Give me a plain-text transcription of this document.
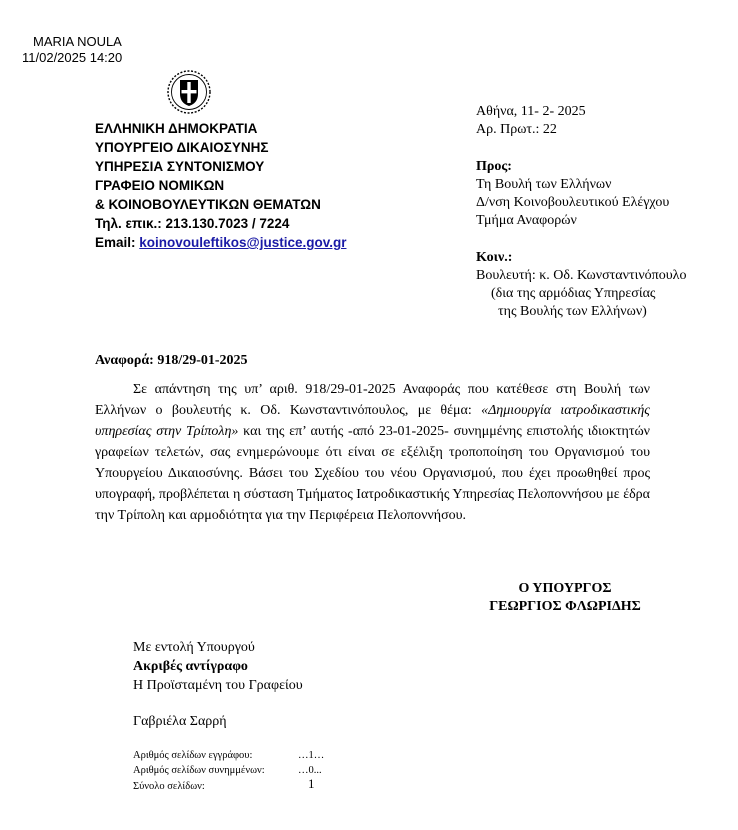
MARIA NOULA
11/02/2025 14:20
ΕΛΛΗΝΙΚΗ ΔΗΜΟΚΡΑΤΙΑ
ΥΠΟΥΡΓΕΙΟ ΔΙΚΑΙΟΣΥΝΗΣ
ΥΠΗΡΕΣΙΑ ΣΥΝΤΟΝΙΣΜΟΥ
ΓΡΑΦΕΙΟ ΝΟΜΙΚΩΝ
& ΚΟΙΝΟΒΟΥΛΕΥΤΙΚΩΝ ΘΕΜΑΤΩΝ
Τηλ. επικ.: 213.130.7023 / 7224
Email: koinovouleftikos@justice.gov.gr
Αθήνα, 11- 2- 2025
Αρ. Πρωτ.: 22
Προς:
Τη Βουλή των Ελλήνων
Δ/νση Κοινοβουλευτικού Ελέγχου
Τμήμα Αναφορών
Κοιν.:
Βουλευτή: κ. Οδ. Κωνσταντινόπουλο
(δια της αρμόδιας Υπηρεσίας
της Βουλής των Ελλήνων)
Αναφορά: 918/29-01-2025
Σε απάντηση της υπ’ αριθ. 918/29-01-2025 Αναφοράς που κατέθεσε στη Βουλή των Ελλήνων ο βουλευτής κ. Οδ. Κωνσταντινόπουλος, με θέμα: «Δημιουργία ιατροδικαστικής υπηρεσίας στην Τρίπολη» και της επ’ αυτής -από 23-01-2025- συνημμένης επιστολής ιδιοκτητών γραφείων τελετών, σας ενημερώνουμε ότι είναι σε εξέλιξη τροποποίηση του Οργανισμού του Υπουργείου Δικαιοσύνης. Βάσει του Σχεδίου του νέου Οργανισμού, που έχει προωθηθεί προς υπογραφή, προβλέπεται η σύσταση Τμήματος Ιατροδικαστικής Υπηρεσίας Πελοποννήσου με έδρα την Τρίπολη και αρμοδιότητα για την Περιφέρεια Πελοποννήσου.
Ο ΥΠΟΥΡΓΟΣ
ΓΕΩΡΓΙΟΣ ΦΛΩΡΙΔΗΣ
Με εντολή Υπουργού
Ακριβές αντίγραφο
Η Προϊσταμένη του Γραφείου
Γαβριέλα Σαρρή
Αριθμός σελίδων εγγράφου:	…1…
Αριθμός σελίδων συνημμένων:	…0...
Σύνολο σελίδων:	1
